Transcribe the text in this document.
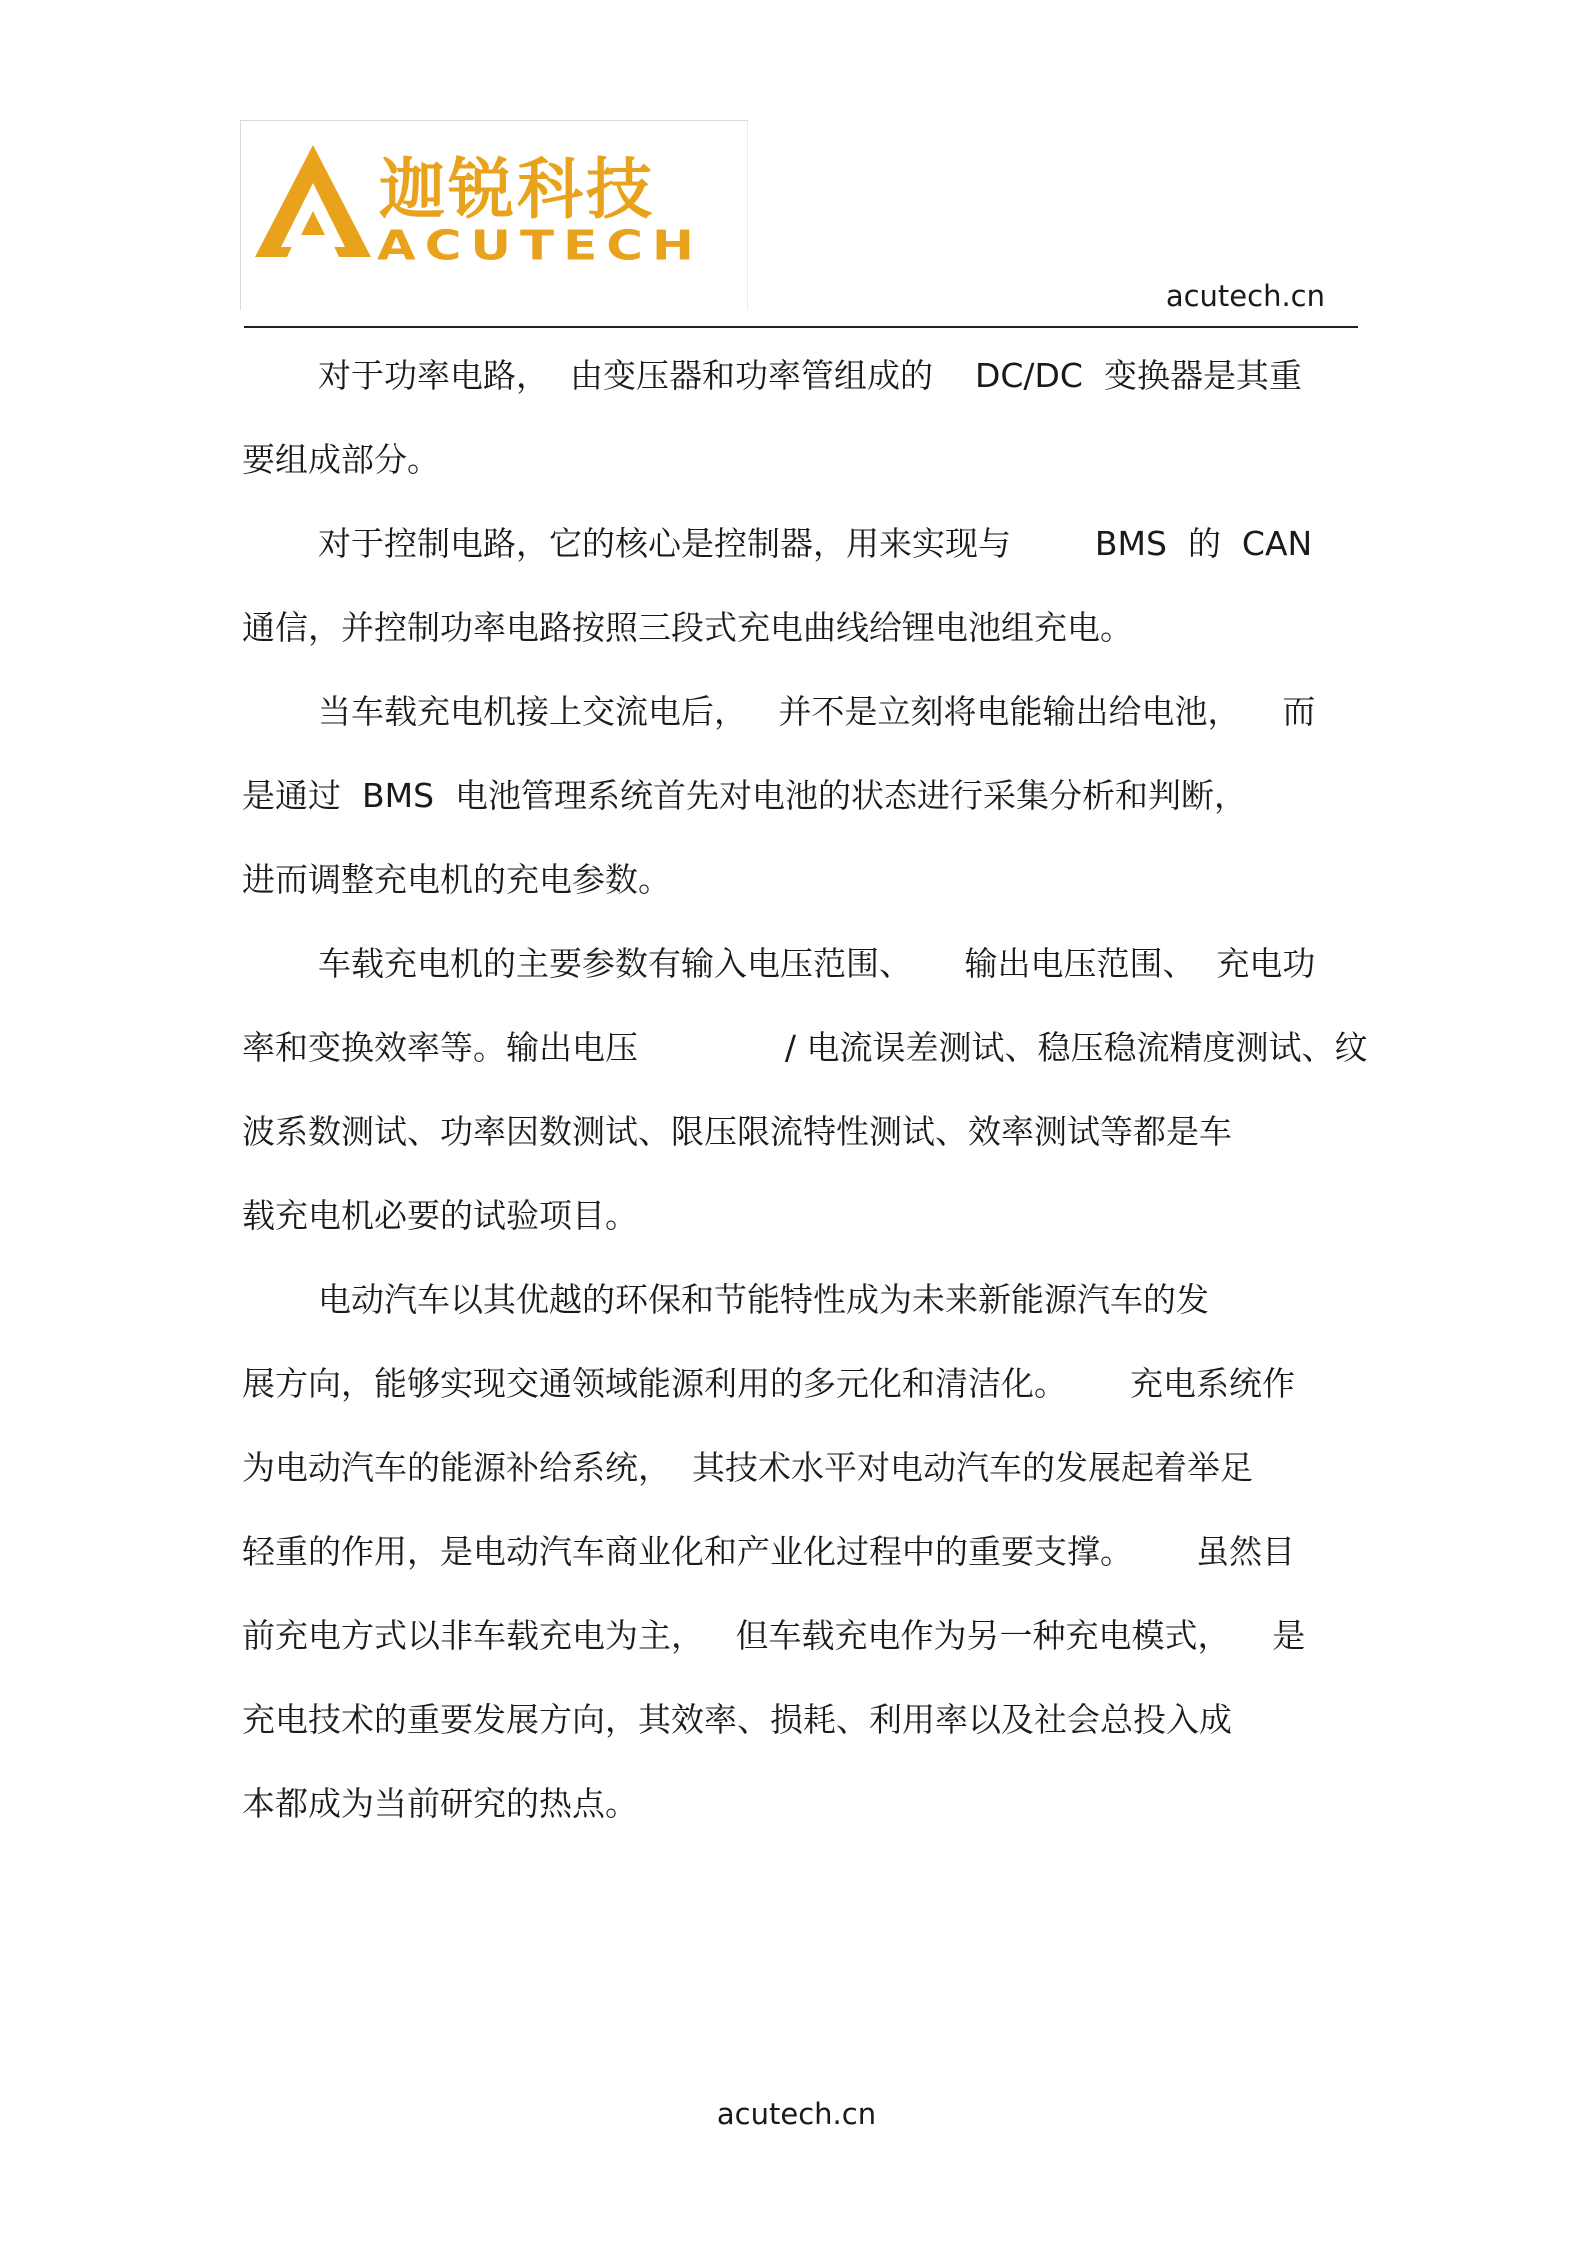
迦锐科技
ACUTECH
acutech.cn
对于功率电路，  由变压器和功率管组成的    DC/DC  变换器是其重
要组成部分。
对于控制电路，它的核心是控制器，用来实现与        BMS  的  CAN
通信，并控制功率电路按照三段式充电曲线给锂电池组充电。
当车载充电机接上交流电后，   并不是立刻将电能输出给电池，    而
是通过  BMS  电池管理系统首先对电池的状态进行采集分析和判断，
进而调整充电机的充电参数。
车载充电机的主要参数有输入电压范围、     输出电压范围、  充电功
率和变换效率等。输出电压              / 电流误差测试、稳压稳流精度测试、纹
波系数测试、功率因数测试、限压限流特性测试、效率测试等都是车
载充电机必要的试验项目。
电动汽车以其优越的环保和节能特性成为未来新能源汽车的发
展方向，能够实现交通领域能源利用的多元化和清洁化。      充电系统作
为电动汽车的能源补给系统，  其技术水平对电动汽车的发展起着举足
轻重的作用，是电动汽车商业化和产业化过程中的重要支撑。      虽然目
前充电方式以非车载充电为主，   但车载充电作为另一种充电模式，    是
充电技术的重要发展方向，其效率、损耗、利用率以及社会总投入成
本都成为当前研究的热点。
acutech.cn
